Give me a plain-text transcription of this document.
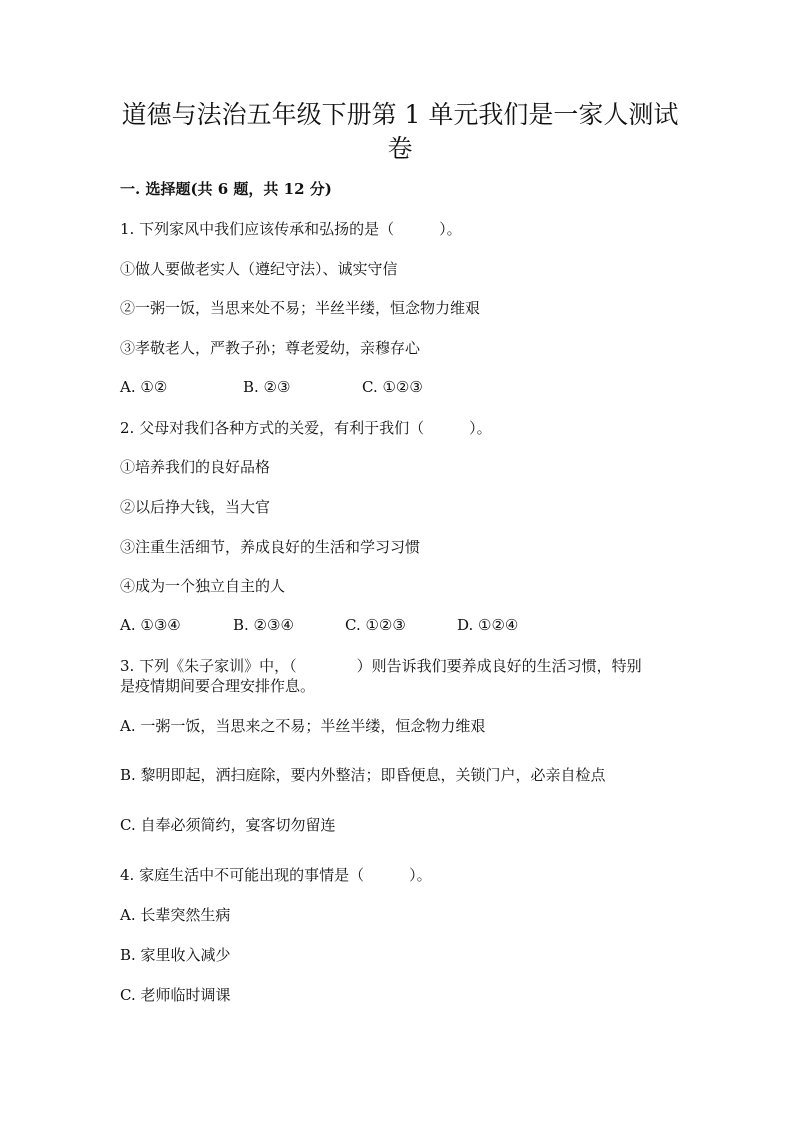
道德与法治五年级下册第 1 单元我们是一家人测试
卷
一. 选择题(共 6 题，共 12 分)
1. 下列家风中我们应该传承和弘扬的是（　　　）。
①做人要做老实人（遵纪守法）、诚实守信
②一粥一饭，当思来处不易；半丝半缕，恒念物力维艰
③孝敬老人，严教子孙；尊老爱幼，亲穆存心
A. ①②	B. ②③	C. ①②③
2. 父母对我们各种方式的关爱，有利于我们（　　　）。
①培养我们的良好品格
②以后挣大钱，当大官
③注重生活细节，养成良好的生活和学习习惯
④成为一个独立自主的人
A. ①③④	B. ②③④	C. ①②③	D. ①②④
3. 下列《朱子家训》中，（　　　　）则告诉我们要养成良好的生活习惯，特别
是疫情期间要合理安排作息。
A. 一粥一饭，当思来之不易；半丝半缕，恒念物力维艰
B. 黎明即起，洒扫庭除，要内外整洁；即昏便息，关锁门户，必亲自检点
C. 自奉必须简约，宴客切勿留连
4. 家庭生活中不可能出现的事情是（　　　）。
A. 长辈突然生病
B. 家里收入减少
C. 老师临时调课
